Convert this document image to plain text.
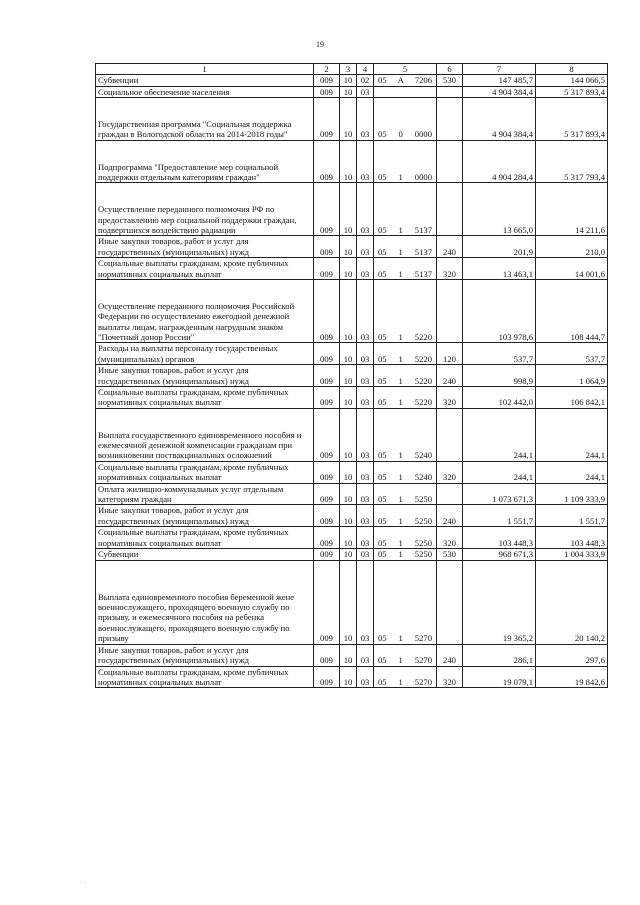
19
1	2	3	4	5	6	7	8
Субвенции	009	10	02	05 А 7206	530	147 485,7	144 066,5
Социальное обеспечение населения	009	10	03			4 904 384,4	5 317 893,4
Государственная программа "Социальная поддержка граждан в Вологодской области на 2014-2018 годы"	009	10	03	05 0 0000		4 904 384,4	5 317 893,4
Подпрограмма "Предоставление мер социальной поддержки отдельным категориям граждан"	009	10	03	05 1 0000		4 904 284,4	5 317 793,4
Осуществление переданного полномочия РФ по предоставлению мер социальной поддержки граждан, подвергшихся воздействию радиации	009	10	03	05 1 5137		13 665,0	14 211,6
Иные закупки товаров, работ и услуг для государственных (муниципальных) нужд	009	10	03	05 1 5137	240	201,9	210,0
Социальные выплаты гражданам, кроме публичных нормативных социальных выплат	009	10	03	05 1 5137	320	13 463,1	14 001,6
Осуществление переданного полномочия Российской Федерации по осуществлению ежегодной денежной выплаты лицам, награжденным нагрудным знаком "Почетный донор России"	009	10	03	05 1 5220		103 978,6	108 444,7
Расходы на выплаты персоналу государственных (муниципальных) органов	009	10	03	05 1 5220	120	537,7	537,7
Иные закупки товаров, работ и услуг для государственных (муниципальных) нужд	009	10	03	05 1 5220	240	998,9	1 064,9
Социальные выплаты гражданам, кроме публичных нормативных социальных выплат	009	10	03	05 1 5220	320	102 442,0	106 842,1
Выплата государственного единовременного пособия и ежемесячной денежной компенсации гражданам при возникновении поствакцинальных осложнений	009	10	03	05 1 5240		244,1	244,1
Социальные выплаты гражданам, кроме публичных нормативных социальных выплат	009	10	03	05 1 5240	320	244,1	244,1
Оплата жилищно-коммунальных услуг отдельным категориям граждан	009	10	03	05 1 5250		1 073 671,3	1 109 333,9
Иные закупки товаров, работ и услуг для государственных (муниципальных) нужд	009	10	03	05 1 5250	240	1 551,7	1 551,7
Социальные выплаты гражданам, кроме публичных нормативных социальных выплат	009	10	03	05 1 5250	320	103 448,3	103 448,3
Субвенции	009	10	03	05 1 5250	530	968 671,3	1 004 333,9
Выплата единовременного пособия беременной жене военнослужащего, проходящего военную службу по призыву, и ежемесячного пособия на ребенка военнослужащего, проходящего военную службу по призыву	009	10	03	05 1 5270		19 365,2	20 140,2
Иные закупки товаров, работ и услуг для государственных (муниципальных) нужд	009	10	03	05 1 5270	240	286,1	297,6
Социальные выплаты гражданам, кроме публичных нормативных социальных выплат	009	10	03	05 1 5270	320	19 079,1	19 842,6
· ·
